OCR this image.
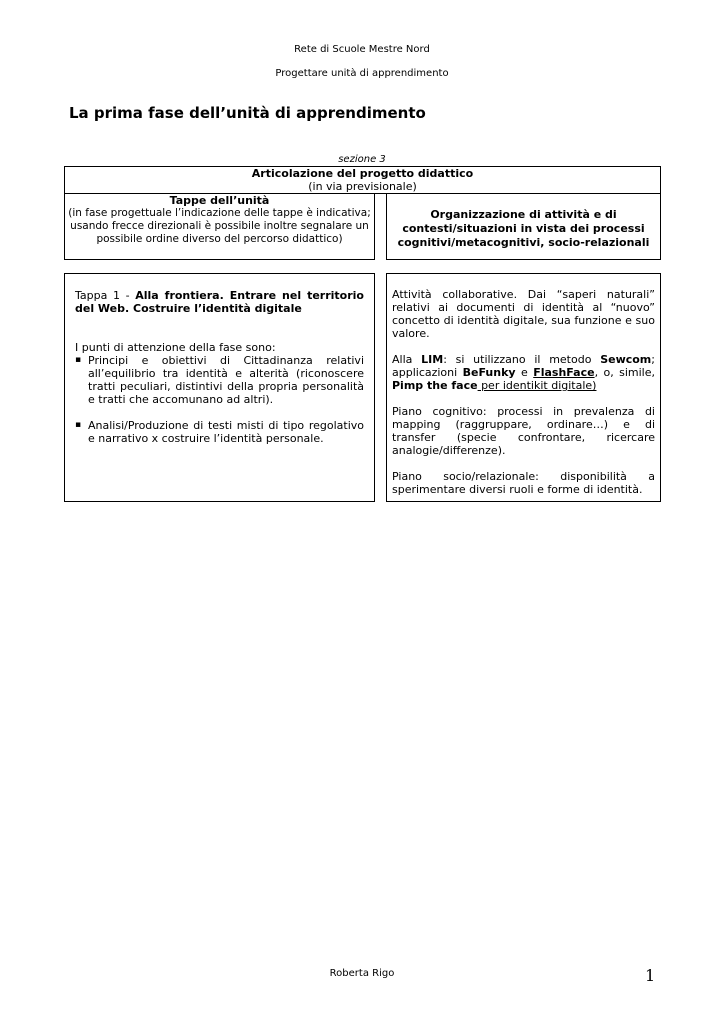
Rete di Scuole Mestre Nord
Progettare unità di apprendimento
La prima fase dell’unità di apprendimento
sezione 3
Articolazione del progetto didattico
(in via previsionale)
Tappe dell’unità
(in fase progettuale l’indicazione delle tappe è indicativa; usando frecce direzionali è possibile inoltre segnalare un possibile ordine diverso del percorso didattico)
Organizzazione di attività e di contesti/situazioni in vista dei processi cognitivi/metacognitivi, socio-relazionali

Tappa 1 - Alla frontiera. Entrare nel territorio del Web. Costruire l’identità digitale

I punti di attenzione della fase sono:

▪ Principi e obiettivi di Cittadinanza relativi all’equilibrio tra identità e alterità (riconoscere tratti peculiari, distintivi della propria personalità e tratti che accomunano ad altri).
▪ Analisi/Produzione di testi misti di tipo regolativo e narrativo x costruire l’identità personale.

Attività collaborative. Dai “saperi naturali” relativi ai documenti di identità al “nuovo” concetto di identità digitale, sua funzione e suo valore.

Alla LIM: si utilizzano il metodo Sewcom; applicazioni BeFunky e FlashFace, o, simile, Pimp the face per identikit digitale)

Piano cognitivo: processi in prevalenza di mapping (raggruppare, ordinare…) e di transfer (specie confrontare, ricercare analogie/differenze).

Piano socio/relazionale: disponibilità a sperimentare diversi ruoli e forme di identità.

Roberta Rigo	1
